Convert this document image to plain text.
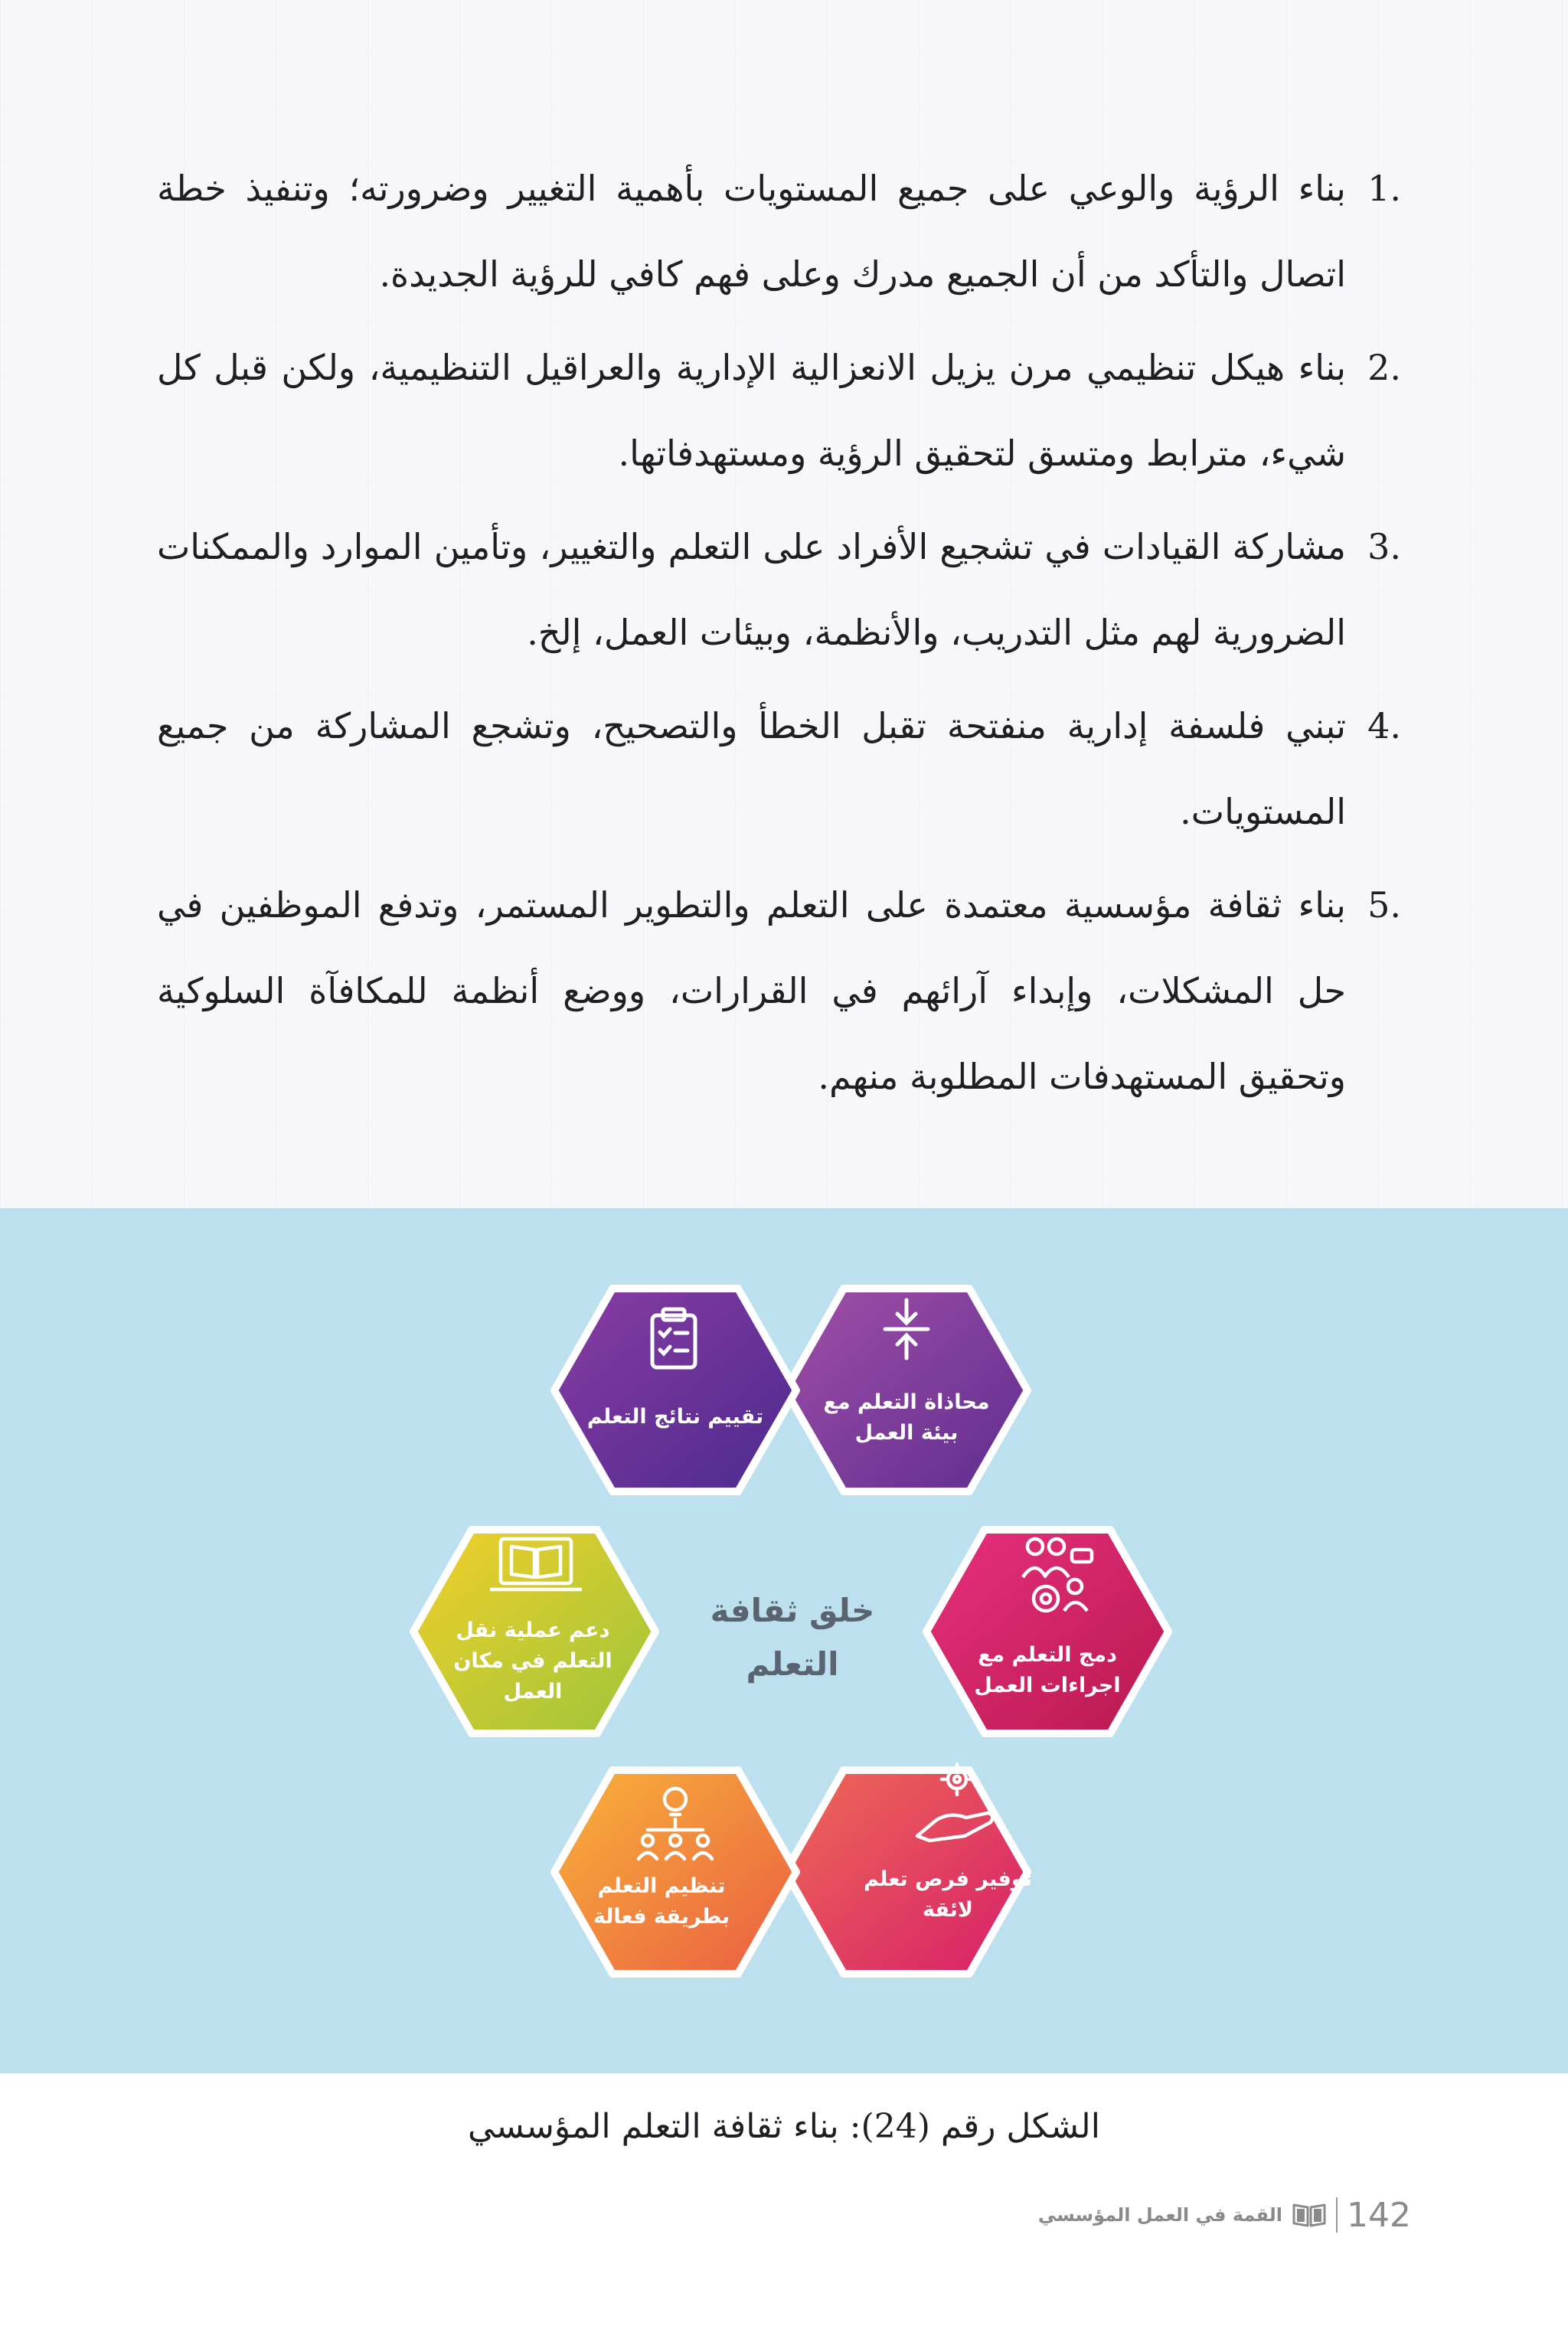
1.
بناء الرؤية والوعي على جميع المستويات بأهمية التغيير وضرورته؛ وتنفيذ خطة اتصال والتأكد من أن الجميع مدرك وعلى فهم كافي للرؤية الجديدة.
2.
بناء هيكل تنظيمي مرن يزيل الانعزالية الإدارية والعراقيل التنظيمية، ولكن قبل كل شيء، مترابط ومتسق لتحقيق الرؤية ومستهدفاتها.
3.
مشاركة القيادات في تشجيع الأفراد على التعلم والتغيير، وتأمين الموارد والممكنات الضرورية لهم مثل التدريب، والأنظمة، وبيئات العمل، إلخ.
4.
تبني فلسفة إدارية منفتحة تقبل الخطأ والتصحيح، وتشجع المشاركة من جميع المستويات.
5.
بناء ثقافة مؤسسية معتمدة على التعلم والتطوير المستمر، وتدفع الموظفين في حل المشكلات، وإبداء آرائهم في القرارات، ووضع أنظمة للمكافآة السلوكية وتحقيق المستهدفات المطلوبة منهم.
محاذاة التعلم مع
بيئة العمل
تقييم نتائج التعلم
دمج التعلم مع
اجراءات العمل
دعم عملية نقل
التعلم في مكان
العمل
توفير فرص تعلم
لائقة
تنظيم التعلم
بطريقة فعالة
خلق ثقافة
التعلم
الشكل رقم (24): بناء ثقافة التعلم المؤسسي
142
القمة في العمل المؤسسي
